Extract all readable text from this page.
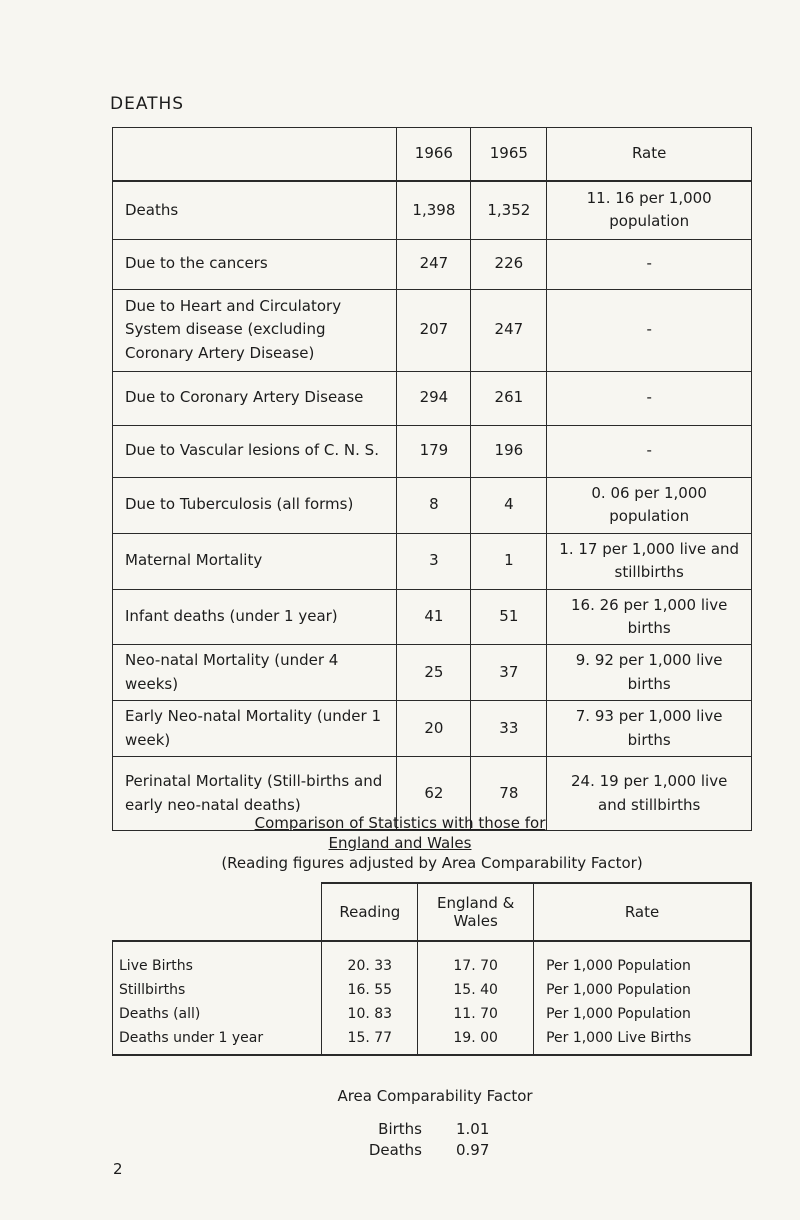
DEATHS
	1966	1965	Rate
Deaths	1,398	1,352	11. 16 per 1,000 population
Due to the cancers	247	226	-
Due to Heart and Circulatory System disease (excluding Coronary Artery Disease)	207	247	-
Due to Coronary Artery Disease	294	261	-
Due to Vascular lesions of C. N. S.	179	196	-
Due to Tuberculosis (all forms)	8	4	0. 06 per 1,000 population
Maternal Mortality	3	1	1. 17 per 1,000 live and stillbirths
Infant deaths (under 1 year)	41	51	16. 26 per 1,000 live births
Neo-natal Mortality (under 4 weeks)	25	37	9. 92 per 1,000 live births
Early Neo-natal Mortality (under 1 week)	20	33	7. 93 per 1,000 live births
Perinatal Mortality (Still-births and early neo-natal deaths)	62	78	24. 19 per 1,000 live and stillbirths
Comparison of Statistics with those for
England and Wales
(Reading figures adjusted by Area Comparability Factor)
	Reading	England & Wales	Rate
Live Births	20. 33	17. 70	Per 1,000 Population
Stillbirths	16. 55	15. 40	Per 1,000 Population
Deaths (all)	10. 83	11. 70	Per 1,000 Population
Deaths under 1 year	15. 77	19. 00	Per 1,000 Live Births
Area Comparability Factor
Births 1.01
Deaths 0.97
2
